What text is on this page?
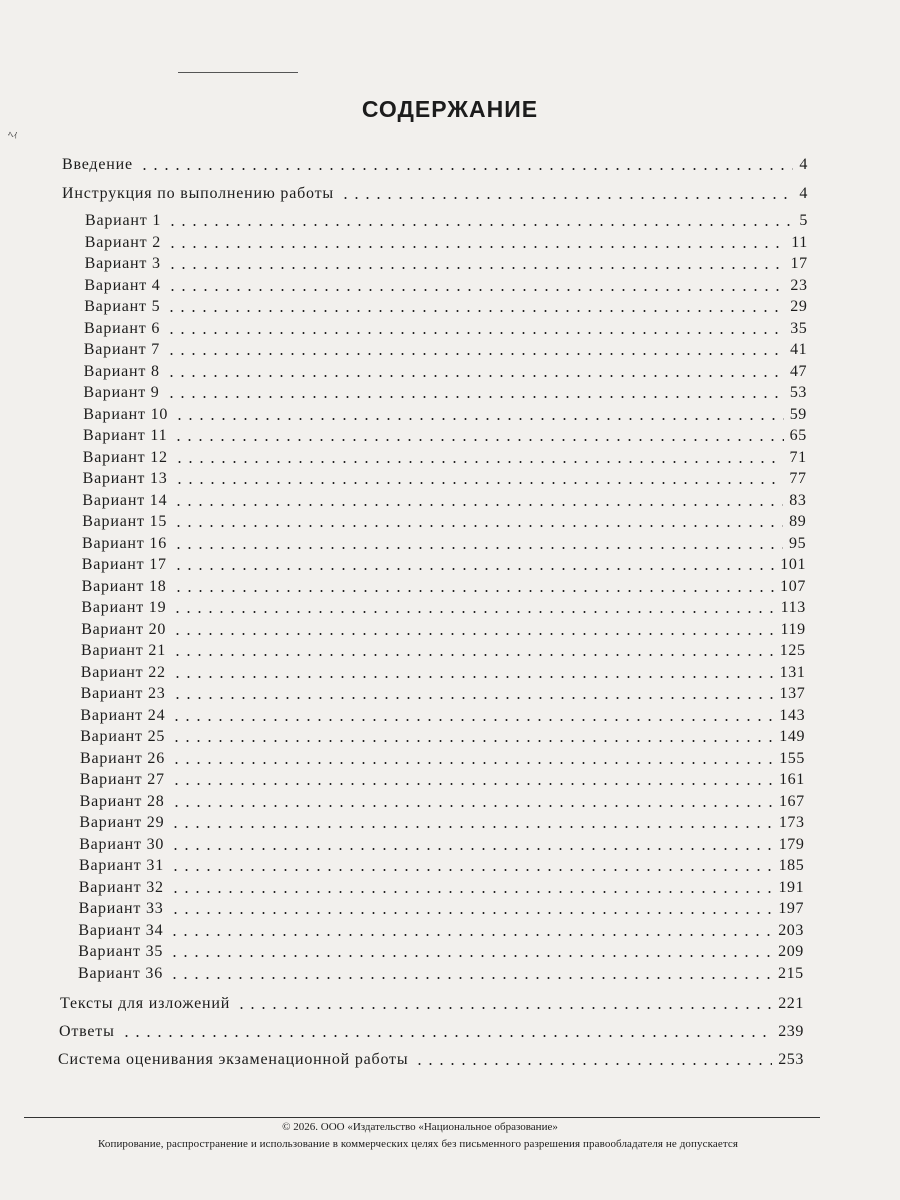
ﾍｨ
СОДЕРЖАНИЕ
Введение	4
Инструкция по выполнению работы	4
Вариант 1	5
Вариант 2	11
Вариант 3	17
Вариант 4	23
Вариант 5	29
Вариант 6	35
Вариант 7	41
Вариант 8	47
Вариант 9	53
Вариант 10	59
Вариант 11	65
Вариант 12	71
Вариант 13	77
Вариант 14	83
Вариант 15	89
Вариант 16	95
Вариант 17	101
Вариант 18	107
Вариант 19	113
Вариант 20	119
Вариант 21	125
Вариант 22	131
Вариант 23	137
Вариант 24	143
Вариант 25	149
Вариант 26	155
Вариант 27	161
Вариант 28	167
Вариант 29	173
Вариант 30	179
Вариант 31	185
Вариант 32	191
Вариант 33	197
Вариант 34	203
Вариант 35	209
Вариант 36	215
Тексты для изложений	221
Ответы	239
Система оценивания экзаменационной работы	253
© 2026. ООО «Издательство «Национальное образование»
Копирование, распространение и использование в коммерческих целях без письменного разрешения правообладателя не допускается
